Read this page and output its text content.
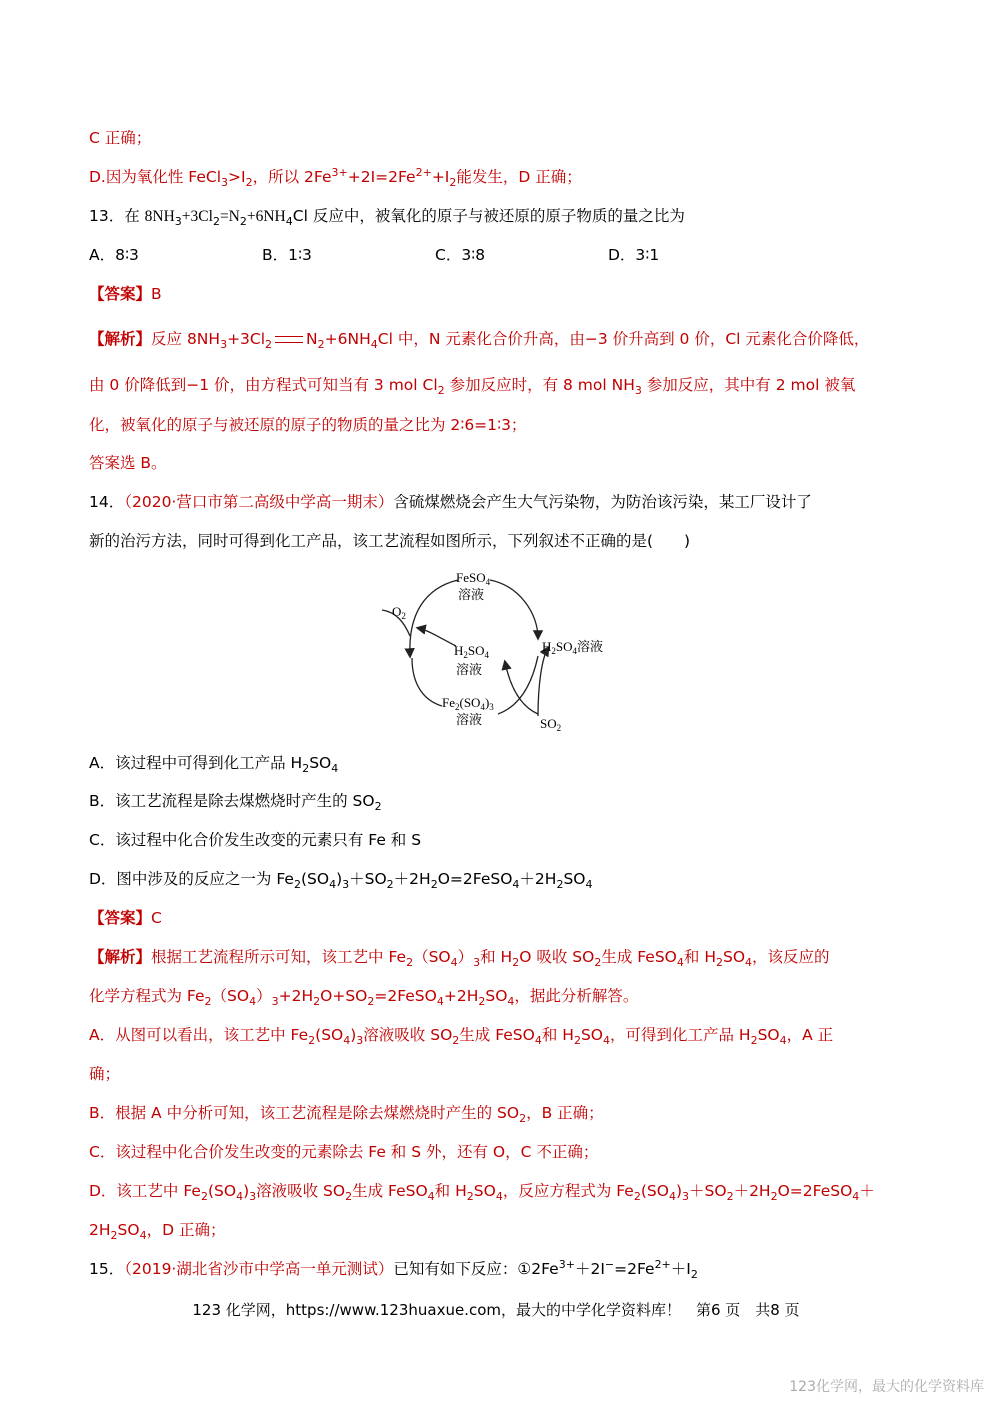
C 正确；
D.因为氧化性 $FeCl_3>I_2$，所以 $2Fe^{3+}+2I=2Fe^{2+}+I_2$能发生，D 正确；
13．在 $8NH_3+3Cl_2=N_2+6NH_4Cl$ 反应中，被氧化的原子与被还原的原子物质的量之比为
A．8∶3	B．1∶3	C．3∶8	D．3∶1
【答案】B
【解析】反应 $8NH_3+3Cl_2$ $N_2+6NH_4Cl$ 中，N 元素化合价升高，由−3 价升高到 0 价，Cl 元素化合价降低，
由 0 价降低到−1 价，由方程式可知当有 3 mol $Cl_2$ 参加反应时，有 8 mol $NH_3$ 参加反应，其中有 2 mol 被氧
化，被氧化的原子与被还原的原子的物质的量之比为 2∶6=1∶3；
答案选 B。
14．（2020·营口市第二高级中学高一期末）含硫煤燃烧会产生大气污染物，为防治该污染，某工厂设计了
新的治污方法，同时可得到化工产品，该工艺流程如图所示，下列叙述不正确的是(　　)
FeSO$_4$
溶液
$O_2$
$H_2SO_4$
溶液
$H_2SO_4$溶液
$Fe_2(SO_4)_3$
溶液	$SO_2$
A．该过程中可得到化工产品 $H_2SO_4$
B．该工艺流程是除去煤燃烧时产生的 $SO_2$
C．该过程中化合价发生改变的元素只有 Fe 和 S
D．图中涉及的反应之一为 $Fe_2(SO_4)_3+SO_2+2H_2O=2FeSO_4+2H_2SO_4$
【答案】C
【解析】根据工艺流程所示可知，该工艺中 $Fe_2(SO_4)_3$和 $H_2O$ 吸收 $SO_2$生成 FeSO$_4$和 $H_2SO_4$，该反应的
化学方程式为 $Fe_2(SO_4)_3+2H_2O+SO_2=2FeSO_4+2H_2SO_4$，据此分析解答。
A．从图可以看出，该工艺中 $Fe_2(SO_4)_3$溶液吸收 $SO_2$生成 FeSO$_4$和 $H_2SO_4$，可得到化工产品 $H_2SO_4$，A 正
确；
B．根据 A 中分析可知，该工艺流程是除去煤燃烧时产生的 $SO_2$，B 正确；
C．该过程中化合价发生改变的元素除去 Fe 和 S 外，还有 O，C 不正确；
D．该工艺中 $Fe_2(SO_4)_3$溶液吸收 $SO_2$生成 FeSO$_4$和 $H_2SO_4$，反应方程式为 $Fe_2(SO_4)_3+SO_2+2H_2O=2FeSO_4+$
$2H_2SO_4$，D 正确；
15．（2019·湖北省沙市中学高一单元测试）已知有如下反应：$①2Fe^{3+}+2I^-=2Fe^{2+}+I_2$
123 化学网，https://www.123huaxue.com，最大的中学化学资料库！　第6 页　共8 页
123化学网，最大的化学资料库
